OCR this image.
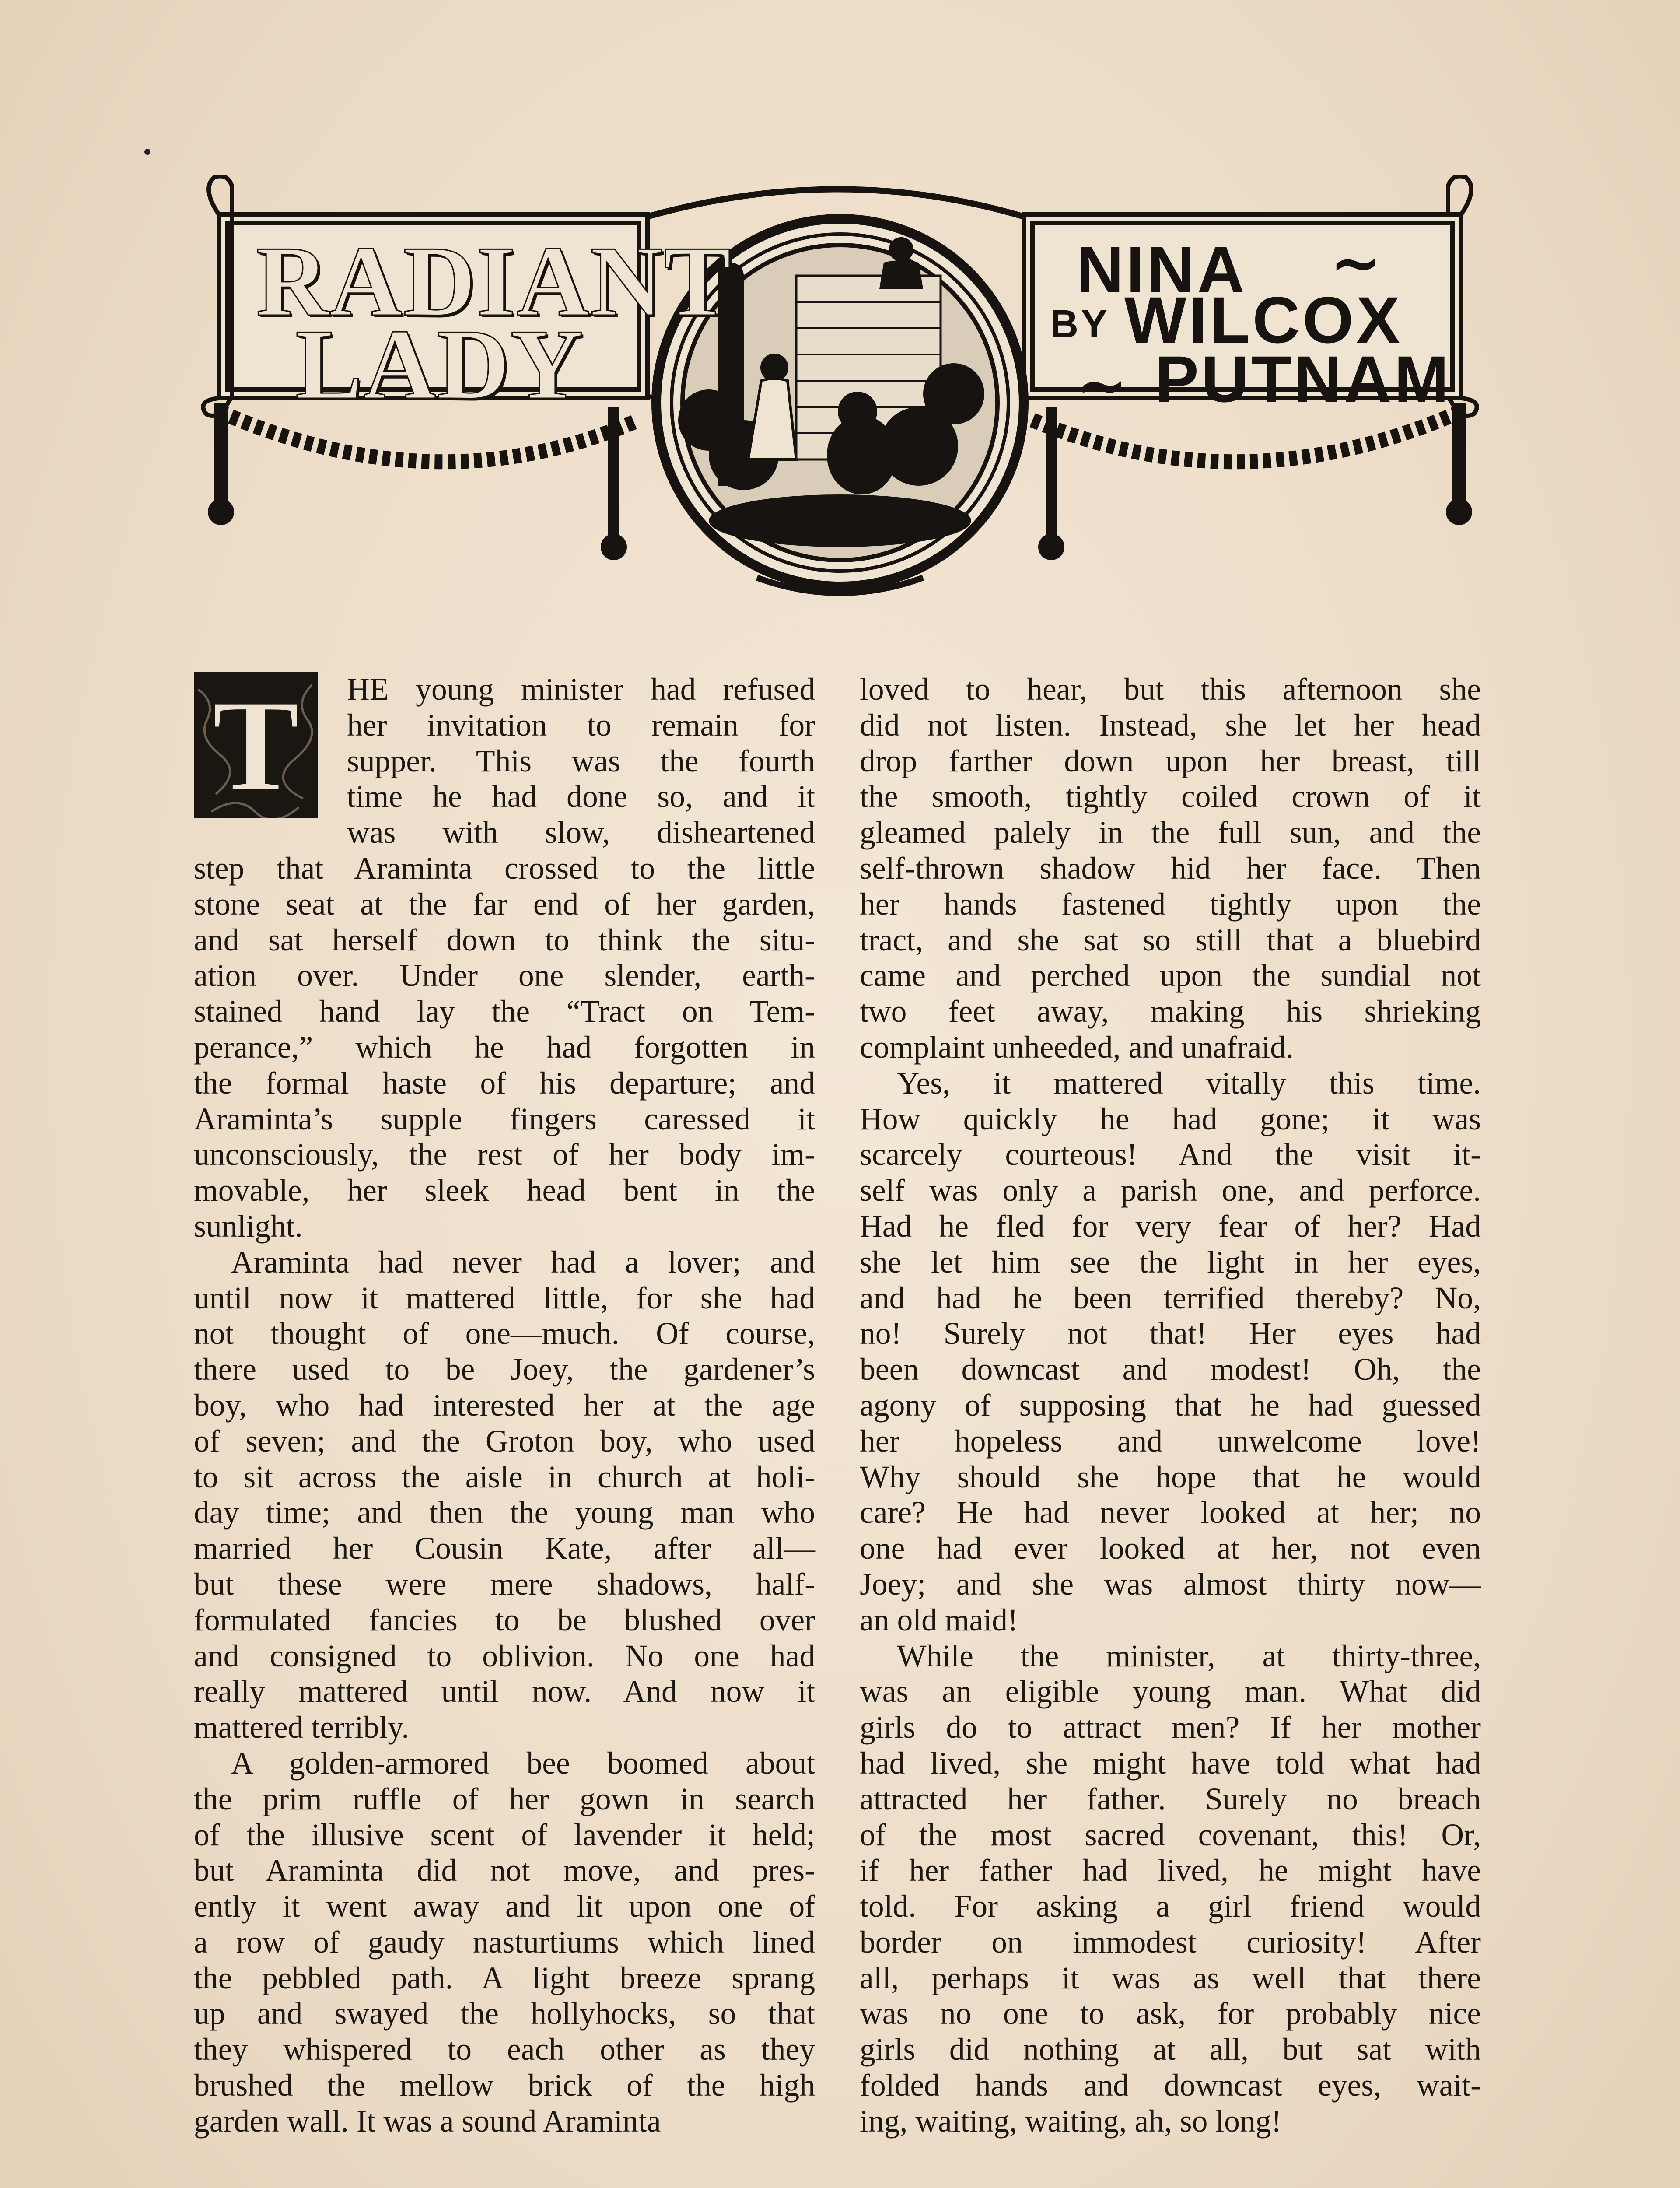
RADIANT
LADY
NINA ~
BY WILCOX
~ PUTNAM
T HE young minister had refused
her invitation to remain for
supper. This was the fourth
time he had done so, and it
was with slow, disheartened
step that Araminta crossed to the little
stone seat at the far end of her garden,
and sat herself down to think the situ-
ation over. Under one slender, earth-
stained hand lay the “Tract on Tem-
perance,” which he had forgotten in
the formal haste of his departure; and
Araminta’s supple fingers caressed it
unconsciously, the rest of her body im-
movable, her sleek head bent in the
sunlight.
Araminta had never had a lover; and
until now it mattered little, for she had
not thought of one—much. Of course,
there used to be Joey, the gardener’s
boy, who had interested her at the age
of seven; and the Groton boy, who used
to sit across the aisle in church at holi-
day time; and then the young man who
married her Cousin Kate, after all—
but these were mere shadows, half-
formulated fancies to be blushed over
and consigned to oblivion. No one had
really mattered until now. And now it
mattered terribly.
A golden-armored bee boomed about
the prim ruffle of her gown in search
of the illusive scent of lavender it held;
but Araminta did not move, and pres-
ently it went away and lit upon one of
a row of gaudy nasturtiums which lined
the pebbled path. A light breeze sprang
up and swayed the hollyhocks, so that
they whispered to each other as they
brushed the mellow brick of the high
garden wall. It was a sound Araminta
loved to hear, but this afternoon she
did not listen. Instead, she let her head
drop farther down upon her breast, till
the smooth, tightly coiled crown of it
gleamed palely in the full sun, and the
self-thrown shadow hid her face. Then
her hands fastened tightly upon the
tract, and she sat so still that a bluebird
came and perched upon the sundial not
two feet away, making his shrieking
complaint unheeded, and unafraid.
Yes, it mattered vitally this time.
How quickly he had gone; it was
scarcely courteous! And the visit it-
self was only a parish one, and perforce.
Had he fled for very fear of her? Had
she let him see the light in her eyes,
and had he been terrified thereby? No,
no! Surely not that! Her eyes had
been downcast and modest! Oh, the
agony of supposing that he had guessed
her hopeless and unwelcome love!
Why should she hope that he would
care? He had never looked at her; no
one had ever looked at her, not even
Joey; and she was almost thirty now—
an old maid!
While the minister, at thirty-three,
was an eligible young man. What did
girls do to attract men? If her mother
had lived, she might have told what had
attracted her father. Surely no breach
of the most sacred covenant, this! Or,
if her father had lived, he might have
told. For asking a girl friend would
border on immodest curiosity! After
all, perhaps it was as well that there
was no one to ask, for probably nice
girls did nothing at all, but sat with
folded hands and downcast eyes, wait-
ing, waiting, waiting, ah, so long!
